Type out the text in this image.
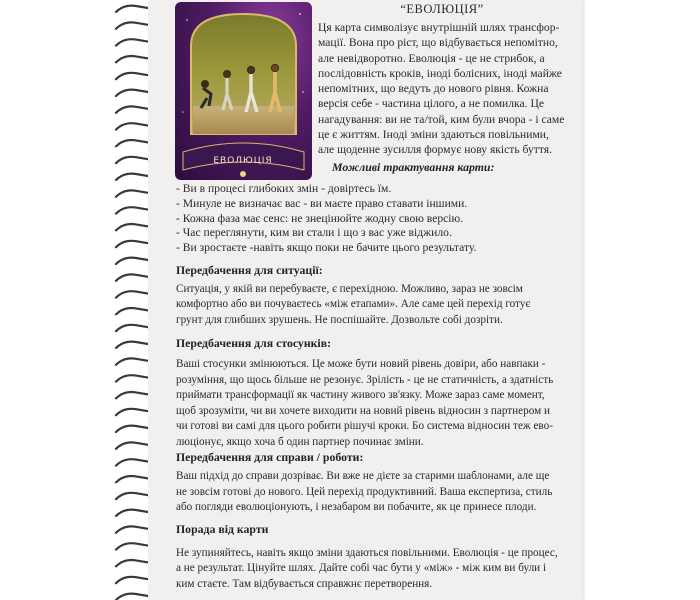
ЕВОЛЮЦІЯ
“ЕВОЛЮЦІЯ”
Ця карта символізує внутрішній шлях трансфор-
мації. Вона про ріст, що відбувається непомітно,
але невідворотно. Еволюція - це не стрибок, а
послідовність кроків, іноді болісних, іноді майже
непомітних, що ведуть до нового рівня. Кожна
версія себе - частина цілого, а не помилка. Це
нагадування: ви не та/той, ким були вчора - і саме
це є життям. Іноді зміни здаються повільними,
але щоденне зусилля формує нову якість буття.
Можливі трактування карти:
- Ви в процесі глибоких змін - довіртесь їм.
- Минуле не визначає вас - ви маєте право ставати іншими.
- Кожна фаза має сенс: не знецінюйте жодну свою версію.
- Час переглянути, ким ви стали і що з вас уже віджило.
- Ви зростаєте -навіть якщо поки не бачите цього результату.
Передбачення для ситуації:
Ситуація, у якій ви перебуваєте, є перехідною. Можливо, зараз не зовсім
комфортно або ви почуваєтесь «між етапами». Але саме цей перехід готує
грунт для глибших зрушень. Не поспішайте. Дозвольте собі дозріти.
Передбачення для стосунків:
Ваші стосунки змінюються. Це може бути новий рівень довіри, або навпаки -
розуміння, що щось більше не резонує. Зрілість - це не статичність, а здатність
приймати трансформації як частину живого зв'язку. Може зараз саме момент,
щоб зрозуміти, чи ви хочете виходити на новий рівень відносин з партнером и
чи готові ви самі для цього робити рішучі кроки. Бо система відносин теж ево-
люціонує, якщо хоча б один партнер починає зміни.
Передбачення для справи / роботи:
Ваш підхід до справи дозріває. Ви вже не дієте за старими шаблонами, але ще
не зовсім готові до нового. Цей перехід продуктивний. Ваша експертиза, стиль
або погляди еволюціонують, і незабаром ви побачите, як це принесе плоди.
Порада від карти
Не зупиняйтесь, навіть якщо зміни здаються повільними. Еволюція - це процес,
а не результат. Цінуйте шлях. Дайте собі час бути у «між» - між ким ви були і
ким стаєте. Там відбувається справжнє перетворення.
